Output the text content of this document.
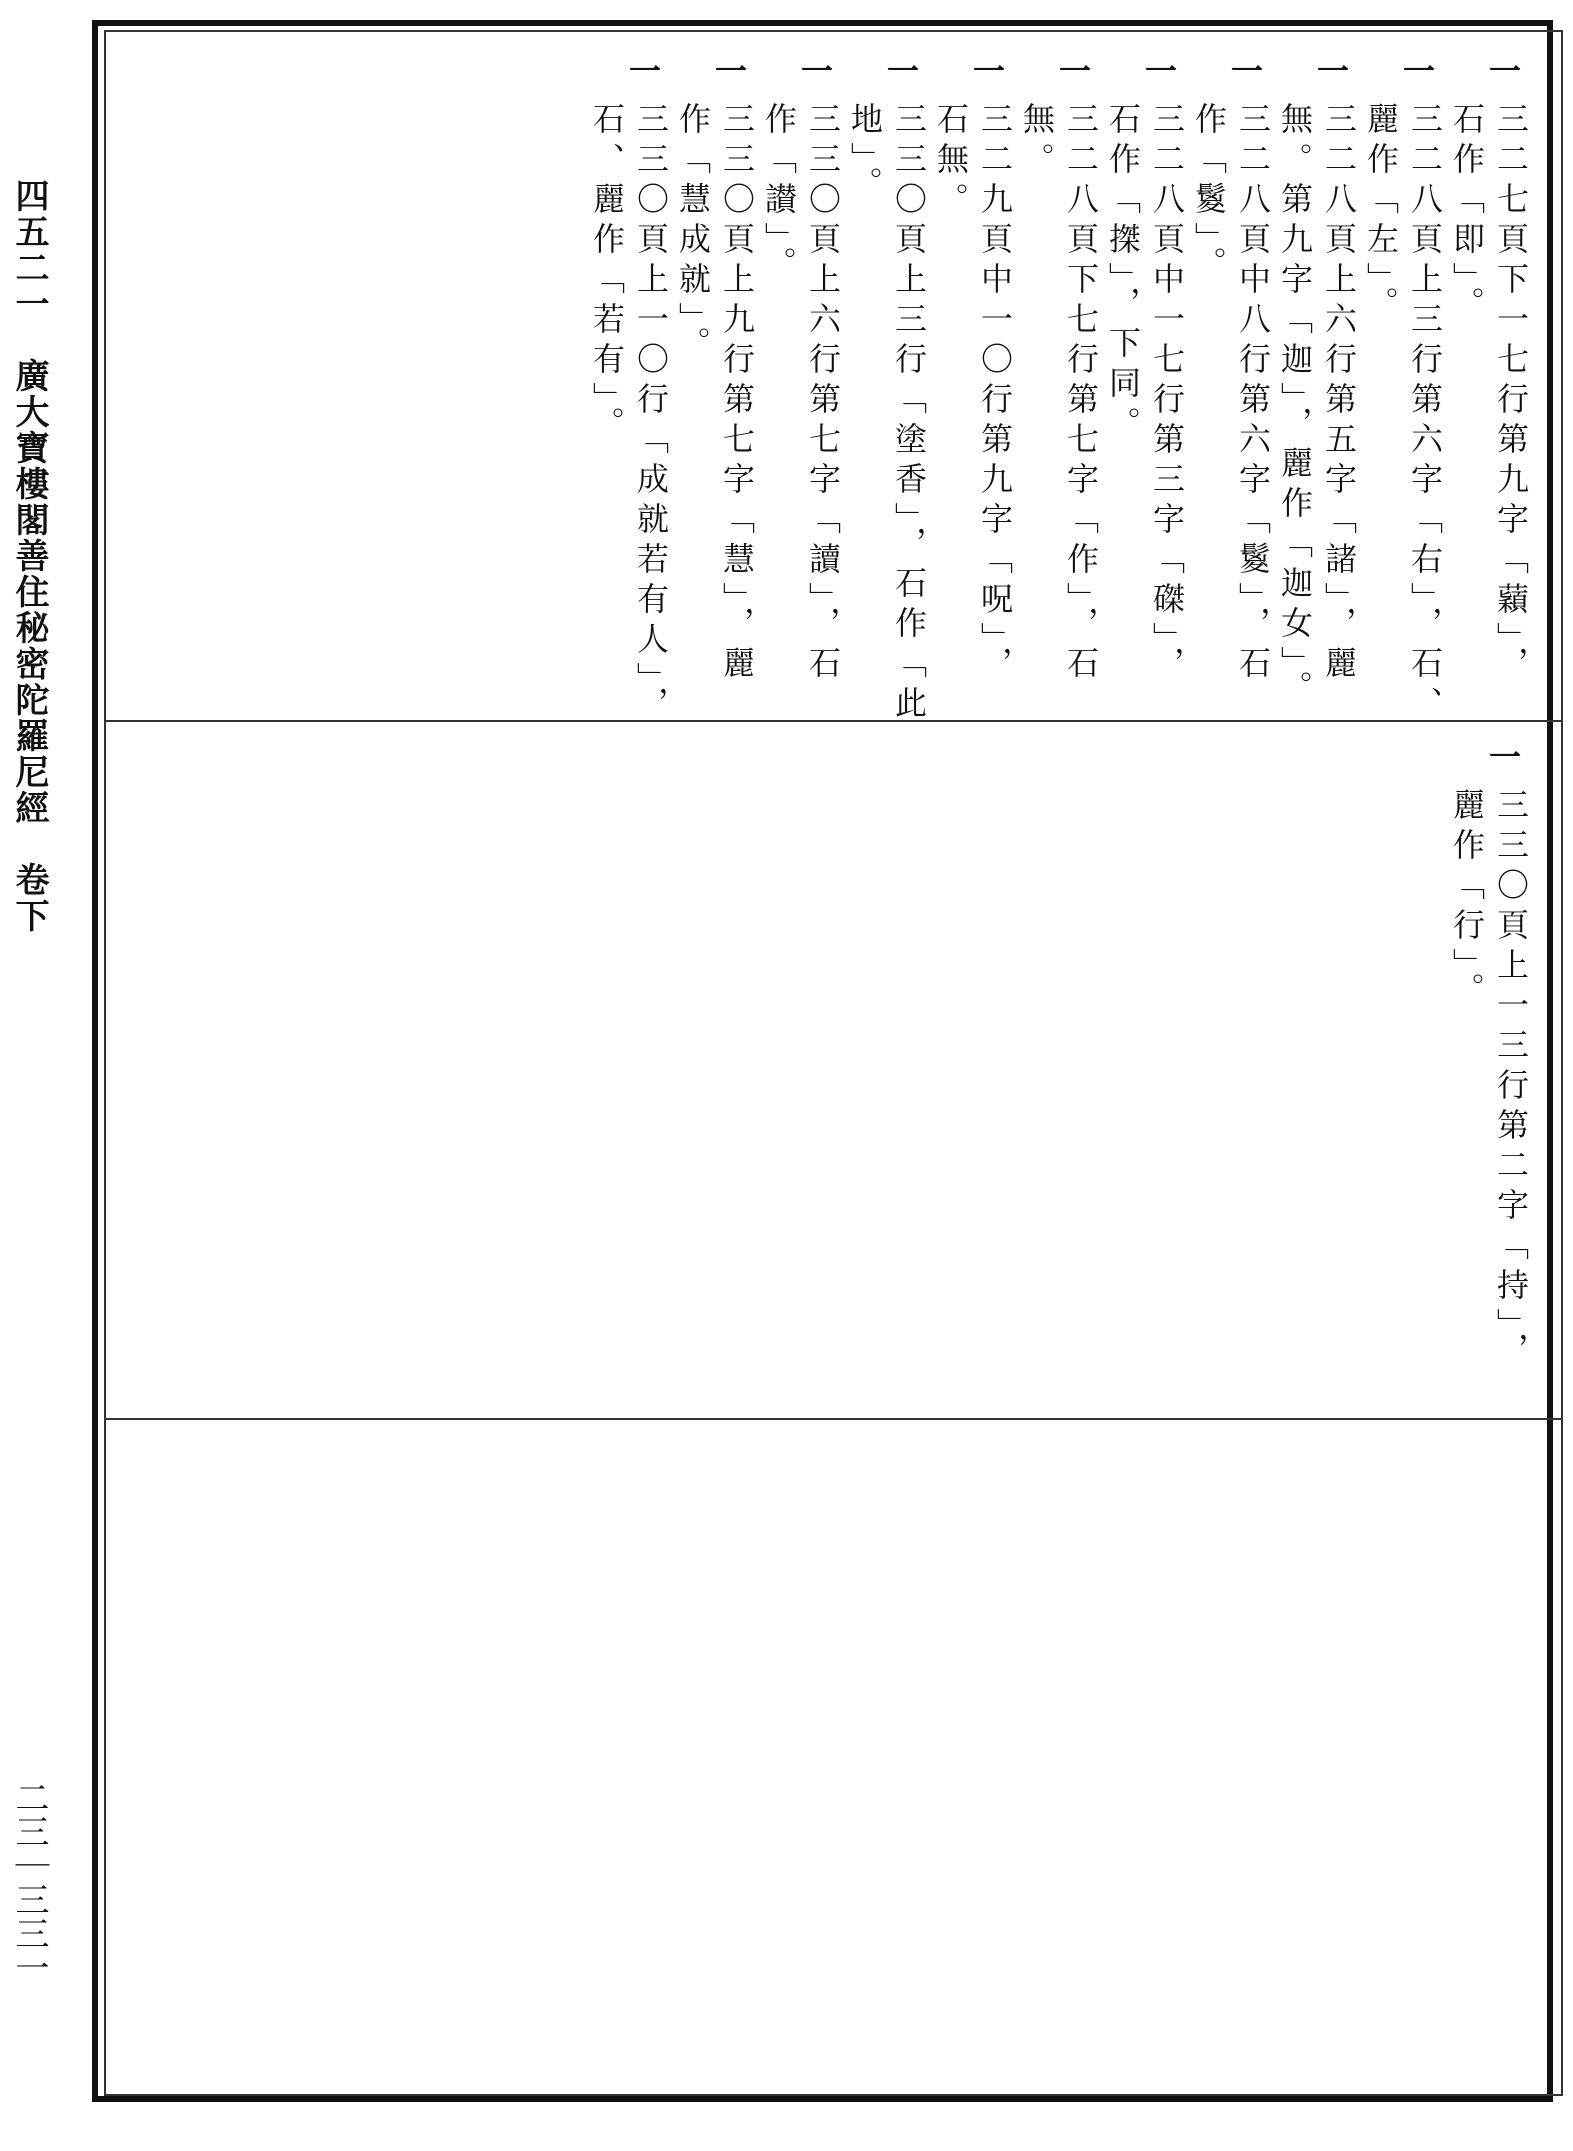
四五二一　廣大寶樓閣善住秘密陀羅尼經　卷下
二三｜三三一
一
三二七頁下一七行第九字「蘔」，
石作「即」。
一
三二八頁上三行第六字「右」，石、
麗作「左」。
一
三二八頁上六行第五字「諸」，麗
無。第九字「迦」，麗作「迦女」。
一
三二八頁中八行第六字「鬉」，石
作「鬉」。
一
三二八頁中一七行第三字「磔」，
石作「搩」，下同。
一
三二八頁下七行第七字「作」，石
無。
一
三二九頁中一〇行第九字「呪」，
石無。
一
三三〇頁上三行「塗香」，石作「此
地」。
一
三三〇頁上六行第七字「讀」，石
作「讃」。
一
三三〇頁上九行第七字「慧」，麗
作「慧成就」。
一
三三〇頁上一〇行「成就若有人」，
石、麗作「若有」。
一
三三〇頁上一三行第二字「持」，
麗作「行」。
